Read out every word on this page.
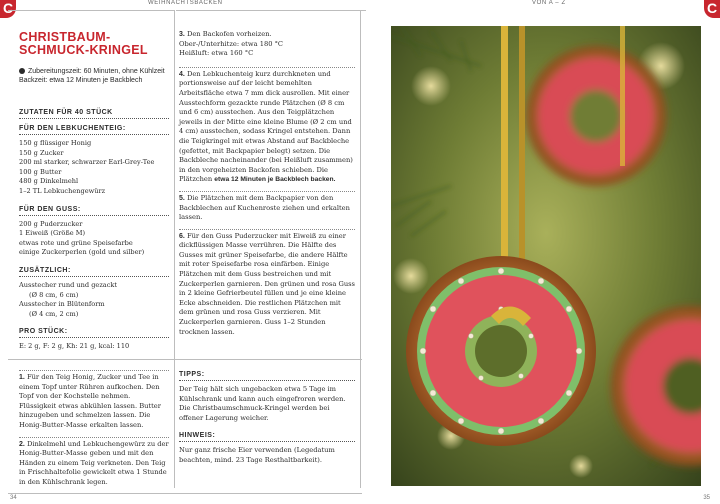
C	C
WEIHNACHTSBACKEN	VON A – Z
CHRISTBAUM-
SCHMUCK-KRINGEL
Zubereitungszeit: 60 Minuten, ohne Kühlzeit
Backzeit: etwa 12 Minuten je Backblech
ZUTATEN FÜR 40 STÜCK
FÜR DEN LEBKUCHENTEIG:
150 g flüssiger Honig
150 g Zucker
200 ml starker, schwarzer Earl-Grey-Tee
100 g Butter
480 g Dinkelmehl
1–2 TL Lebkuchengewürz
FÜR DEN GUSS:
200 g Puderzucker
1 Eiweiß (Größe M)
etwas rote und grüne Speisefarbe
einige Zuckerperlen (gold und silber)
ZUSÄTZLICH:
Ausstecher rund und gezackt
(Ø 8 cm, 6 cm)
Ausstecher in Blütenform
(Ø 4 cm, 2 cm)
PRO STÜCK:
E: 2 g, F: 2 g, Kh: 21 g, kcal: 110
3. Den Backofen vorheizen.
Ober-/Unterhitze: etwa 180 °C
Heißluft: etwa 160 °C
4. Den Lebkuchenteig kurz durchkneten und portionsweise auf der leicht bemehlten Arbeitsfläche etwa 7 mm dick ausrollen. Mit einer Ausstechform gezackte runde Plätzchen (Ø 8 cm und 6 cm) ausstechen. Aus den Teigplätzchen jeweils in der Mitte eine kleine Blume (Ø 2 cm und 4 cm) ausstechen, sodass Kringel entstehen. Dann die Teigkringel mit etwas Abstand auf Backbleche (gefettet, mit Backpapier belegt) setzen. Die Backbleche nacheinander (bei Heißluft zusammen) in den vorgeheizten Backofen schieben. Die Plätzchen etwa 12 Minuten je Backblech backen.
5. Die Plätzchen mit dem Backpapier von den Backblechen auf Kuchenroste ziehen und erkalten lassen.
6. Für den Guss Puderzucker mit Eiweiß zu einer dickflüssigen Masse verrühren. Die Hälfte des Gusses mit grüner Speisefarbe, die andere Hälfte mit roter Speisefarbe rosa einfärben. Einige Plätzchen mit dem Guss bestreichen und mit Zuckerperlen garnieren. Den grünen und rosa Guss in 2 kleine Gefrierbeutel füllen und je eine kleine Ecke abschneiden. Die restlichen Plätzchen mit dem grünen und rosa Guss verzieren. Mit Zuckerperlen garnieren. Guss 1–2 Stunden trocknen lassen.
1. Für den Teig Honig, Zucker und Tee in einem Topf unter Rühren aufkochen. Den Topf von der Kochstelle nehmen. Flüssigkeit etwas abkühlen lassen. Butter hinzugeben und schmelzen lassen. Die Honig-Butter-Masse erkalten lassen.
2. Dinkelmehl und Lebkuchengewürz zu der Honig-Butter-Masse geben und mit den Händen zu einem Teig verkneten. Den Teig in Frischhaltefolie gewickelt etwa 1 Stunde in den Kühlschrank legen.
TIPPS:
Der Teig hält sich ungebacken etwa 5 Tage im Kühlschrank und kann auch eingefroren werden. Die Christbaumschmuck-Kringel werden bei offener Lagerung weicher.
HINWEIS:
Nur ganz frische Eier verwenden (Legedatum beachten, mind. 23 Tage Resthaltbarkeit).
34	35
